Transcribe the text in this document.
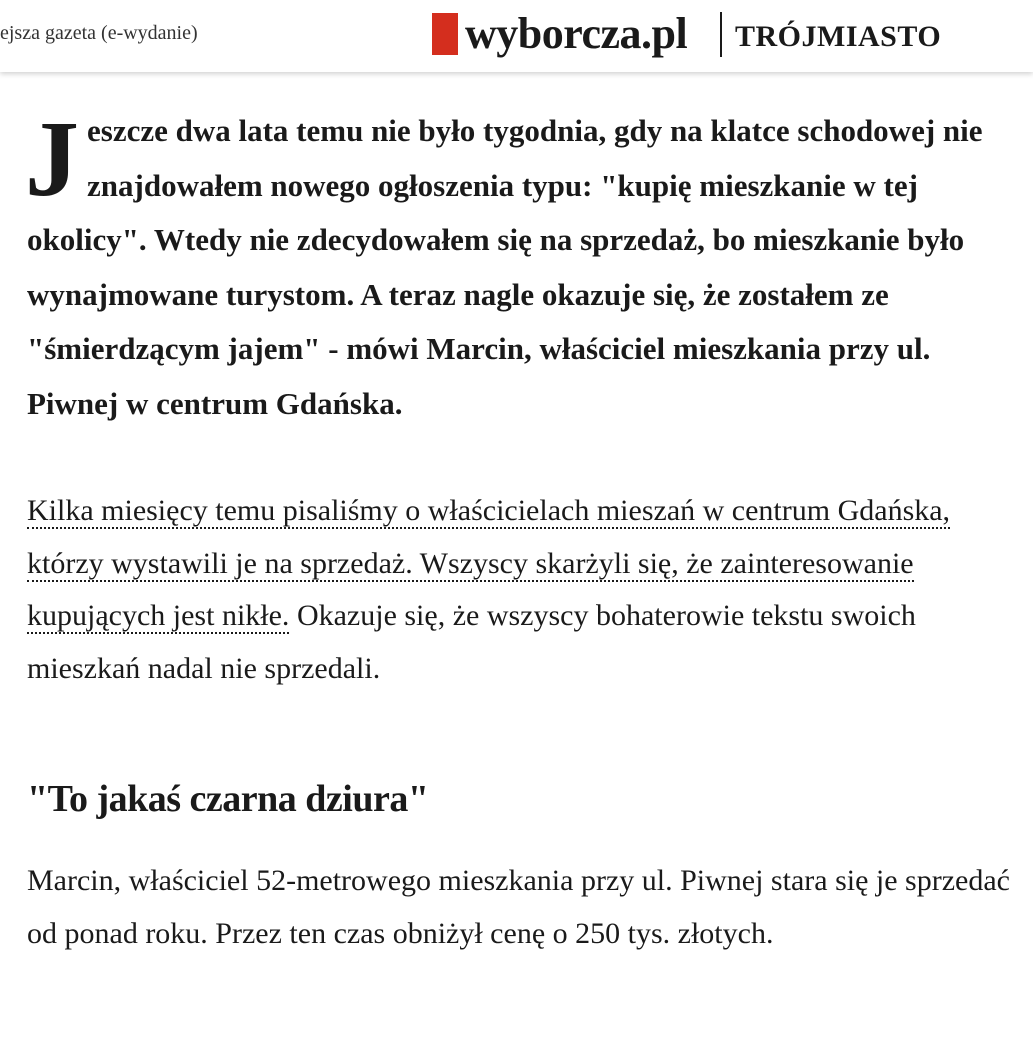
ejsza gazeta (e-wydanie)	wyborcza.pl TRÓJMIASTO

Jeszcze dwa lata temu nie było tygodnia, gdy na klatce schodowej nie znajdowałem nowego ogłoszenia typu: "kupię mieszkanie w tej okolicy". Wtedy nie zdecydowałem się na sprzedaż, bo mieszkanie było wynajmowane turystom. A teraz nagle okazuje się, że zostałem ze "śmierdzącym jajem" - mówi Marcin, właściciel mieszkania przy ul. Piwnej w centrum Gdańska.

Kilka miesięcy temu pisaliśmy o właścicielach mieszań w centrum Gdańska, którzy wystawili je na sprzedaż. Wszyscy skarżyli się, że zainteresowanie kupujących jest nikłe. Okazuje się, że wszyscy bohaterowie tekstu swoich mieszkań nadal nie sprzedali.

"To jakaś czarna dziura"

Marcin, właściciel 52-metrowego mieszkania przy ul. Piwnej stara się je sprzedać od ponad roku. Przez ten czas obniżył cenę o 250 tys. złotych.
